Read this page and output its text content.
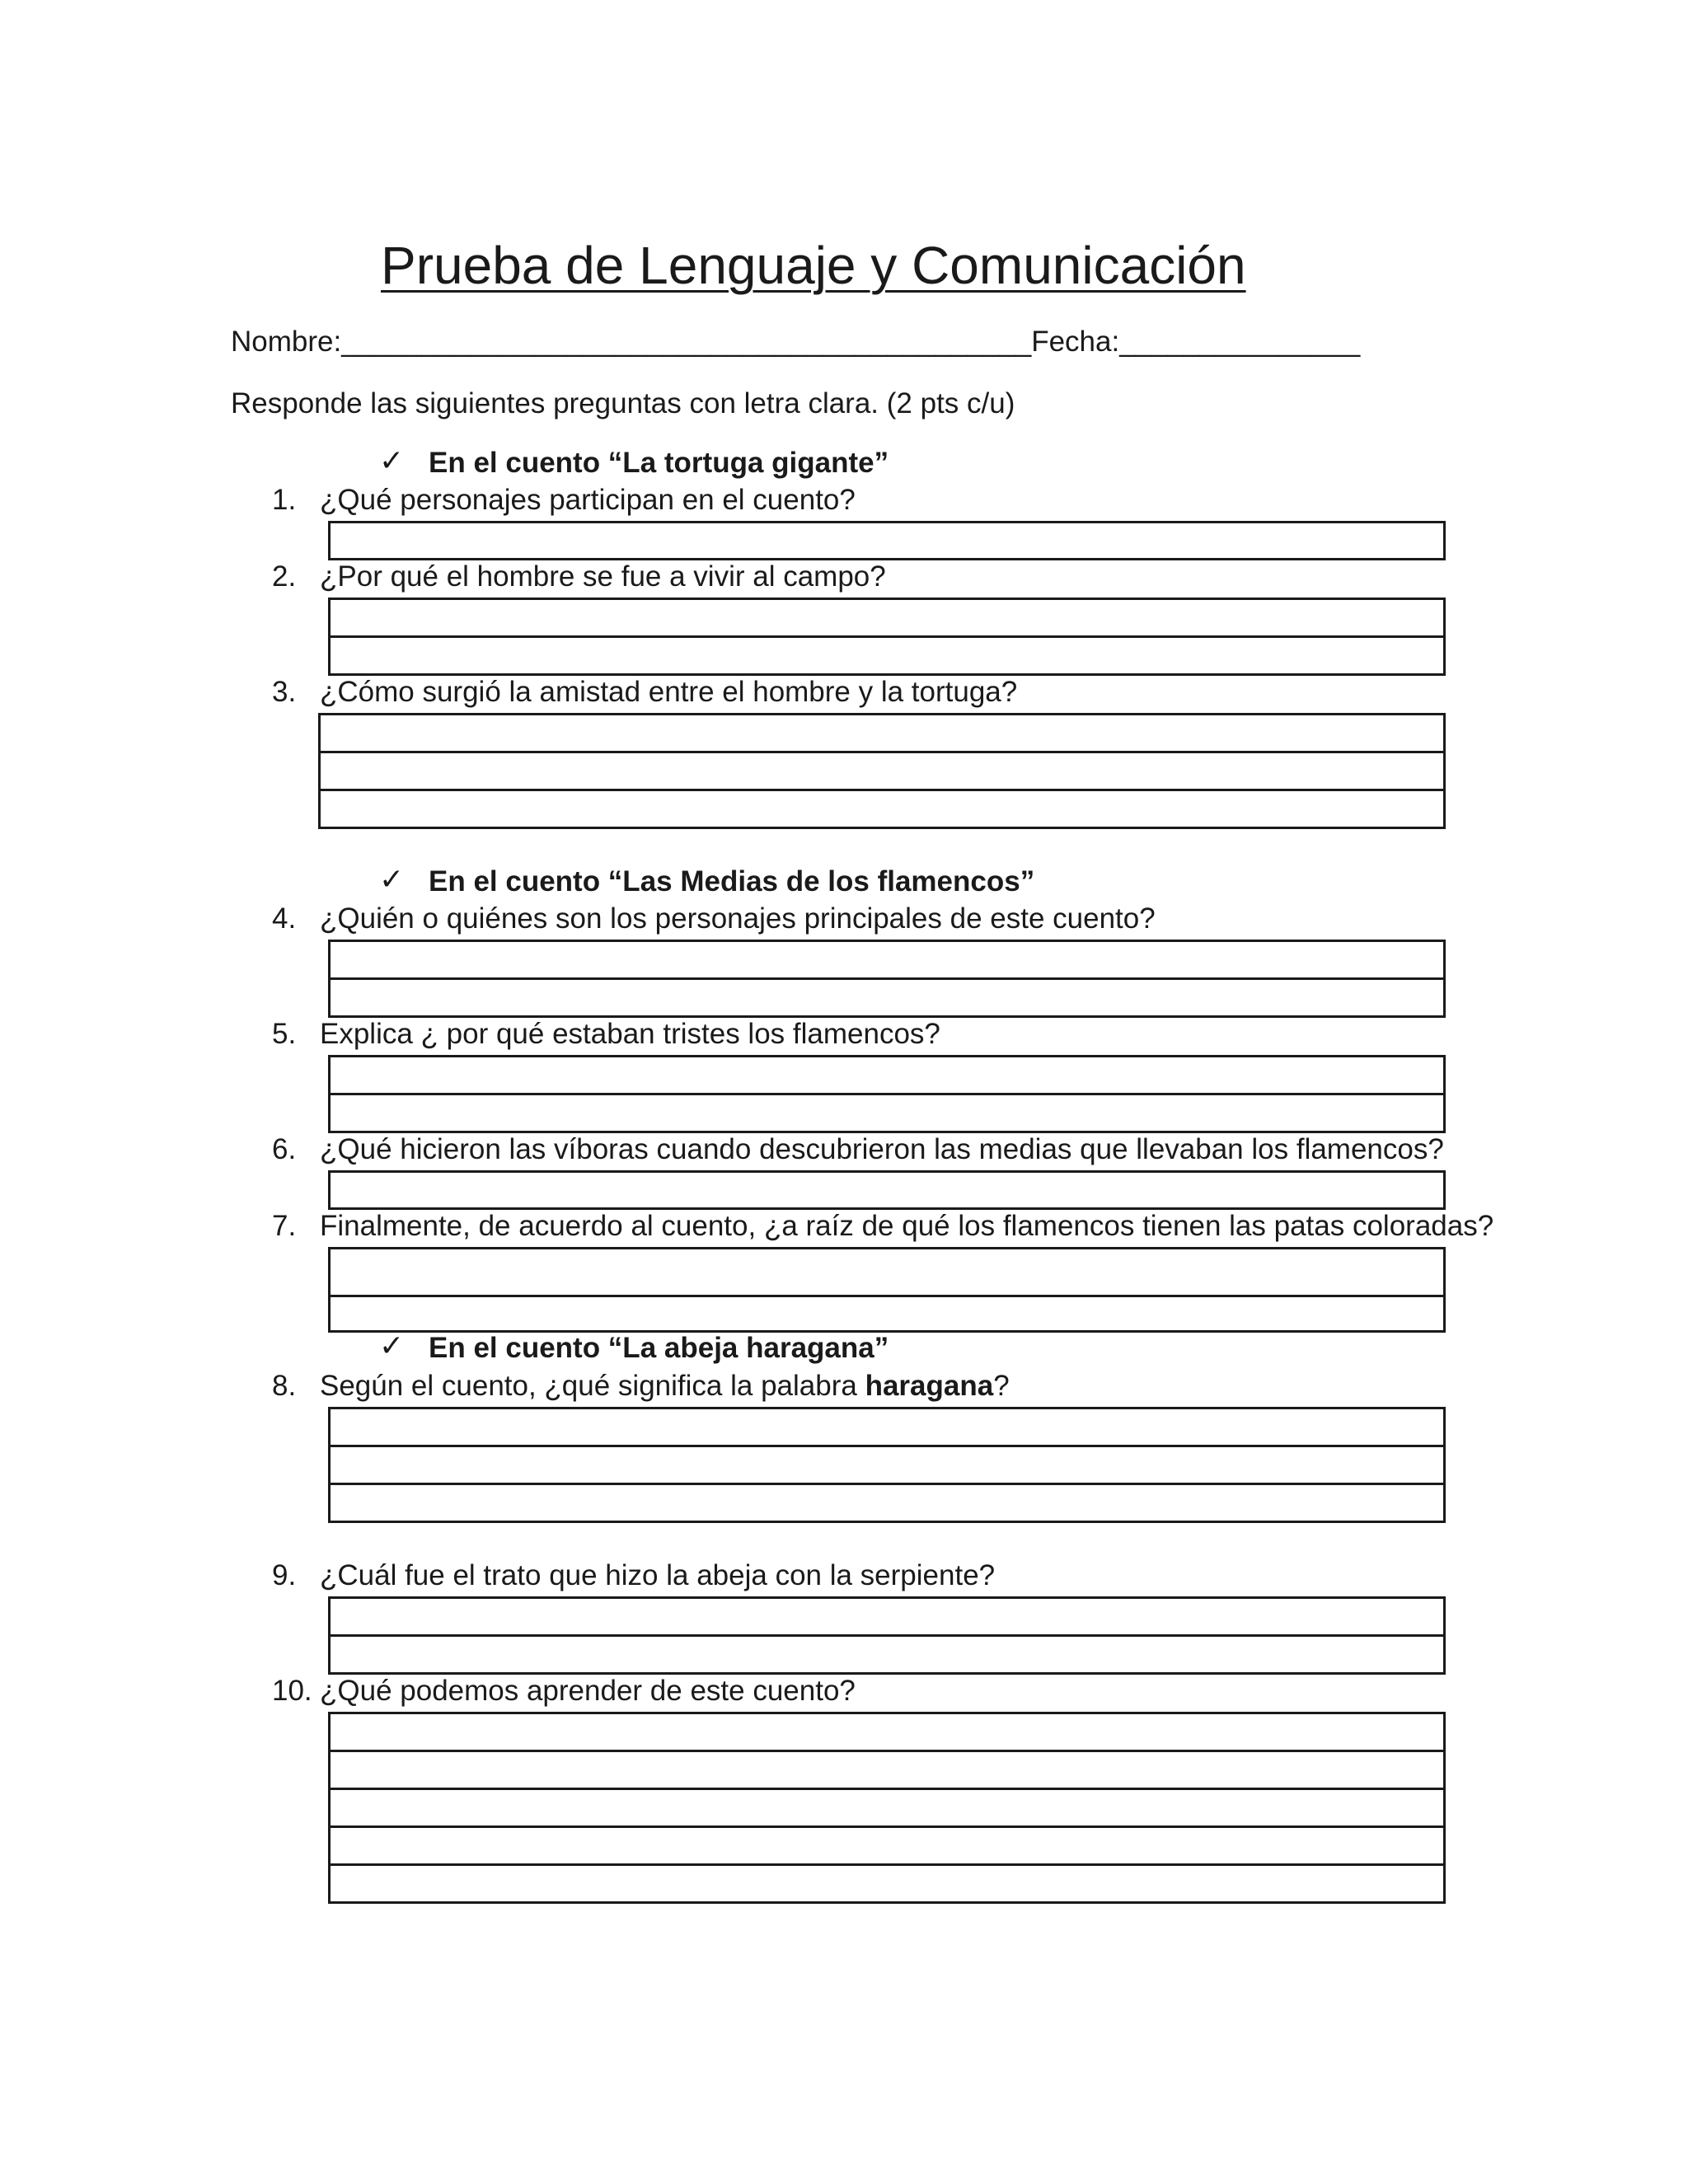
Prueba de Lenguaje y Comunicación
Nombre:___________________________________________Fecha:_______________
Responde las siguientes preguntas con letra clara. (2 pts c/u)
✓ En el cuento “La tortuga gigante”
1. ¿Qué personajes participan en el cuento?
2. ¿Por qué el hombre se fue a vivir al campo?
3. ¿Cómo surgió la amistad entre el hombre y la tortuga?
✓ En el cuento “Las Medias de los flamencos”
4. ¿Quién o quiénes son los personajes principales de este cuento?
5. Explica ¿ por qué estaban tristes los flamencos?
6. ¿Qué hicieron las víboras cuando descubrieron las medias que llevaban los flamencos?
7. Finalmente, de acuerdo al cuento, ¿a raíz de qué los flamencos tienen las patas coloradas?
✓ En el cuento “La abeja haragana”
8. Según el cuento, ¿qué significa la palabra haragana?
9. ¿Cuál fue el trato que hizo la abeja con la serpiente?
10. ¿Qué podemos aprender de este cuento?
